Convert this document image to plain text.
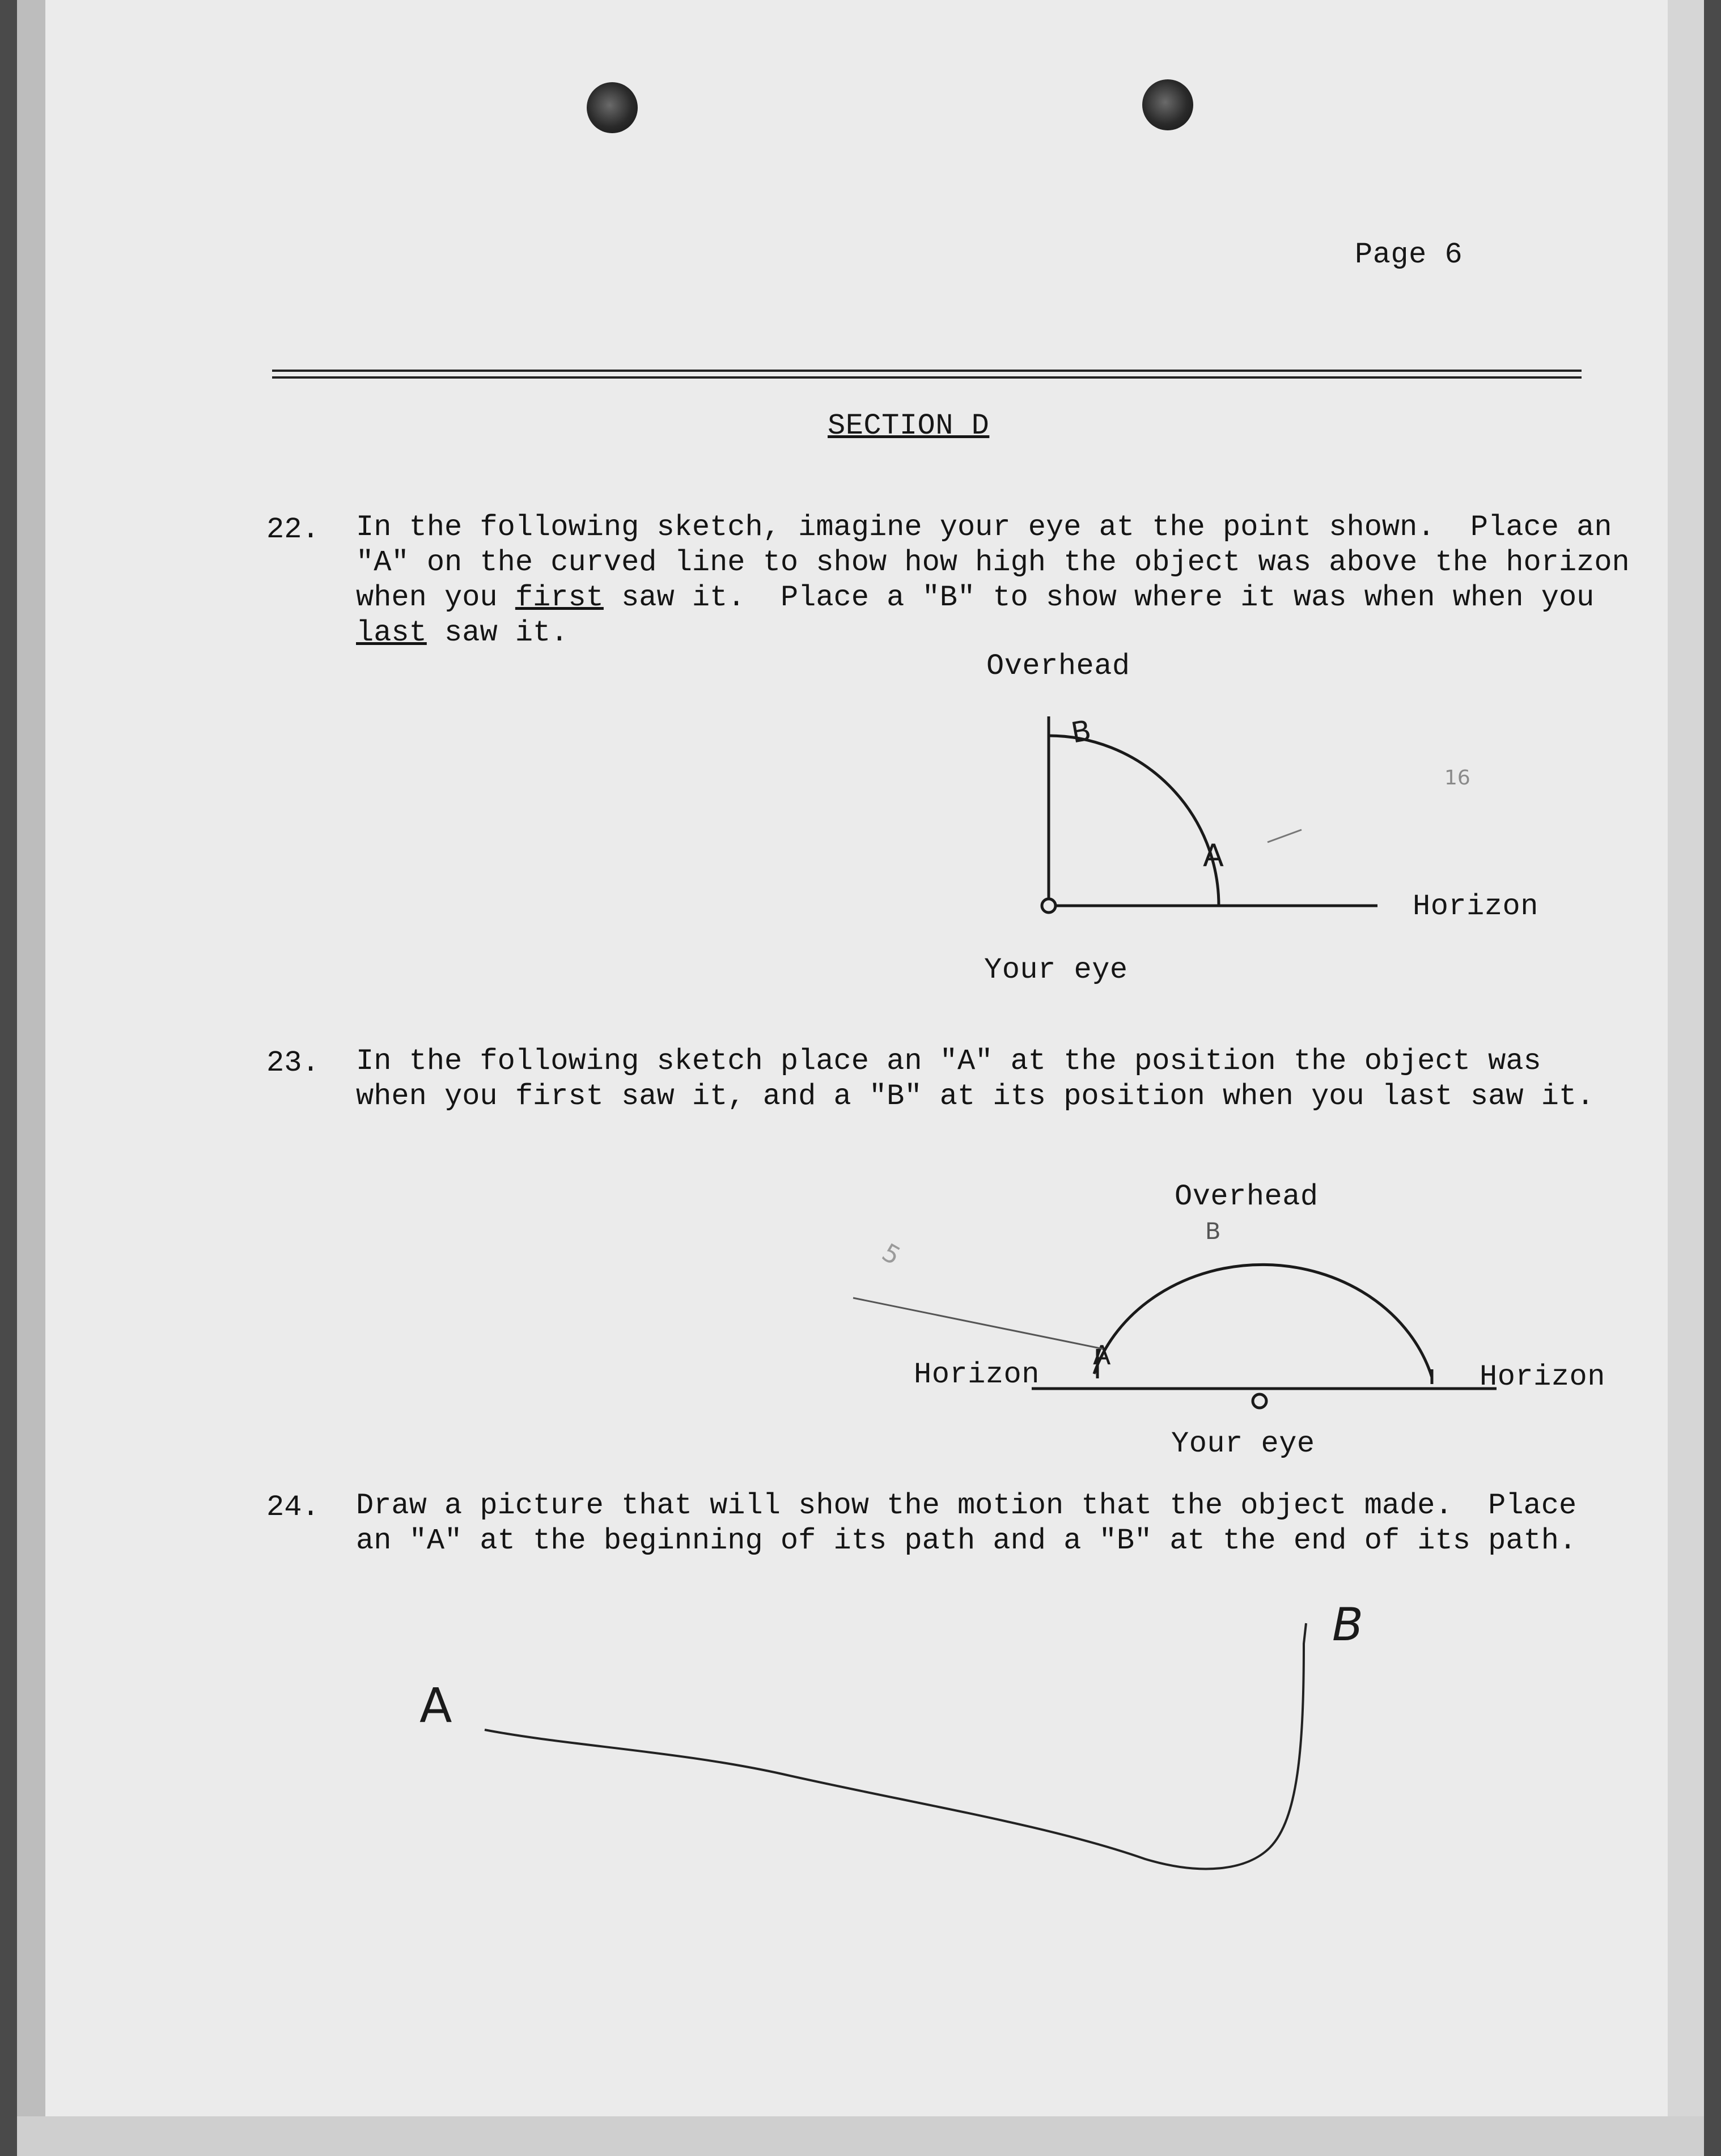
Page 6
SECTION D
22. In the following sketch, imagine your eye at the point shown.  Place an
"A" on the curved line to show how high the object was above the horizon
when you first saw it.  Place a "B" to show where it was when when you
last saw it.
Overhead
Horizon
Your eye
A
B
16
23. In the following sketch place an "A" at the position the object was
when you first saw it, and a "B" at its position when you last saw it.
Overhead
Horizon	Horizon
Your eye
A
B
5
24. Draw a picture that will show the motion that the object made.  Place
an "A" at the beginning of its path and a "B" at the end of its path.
A
B
